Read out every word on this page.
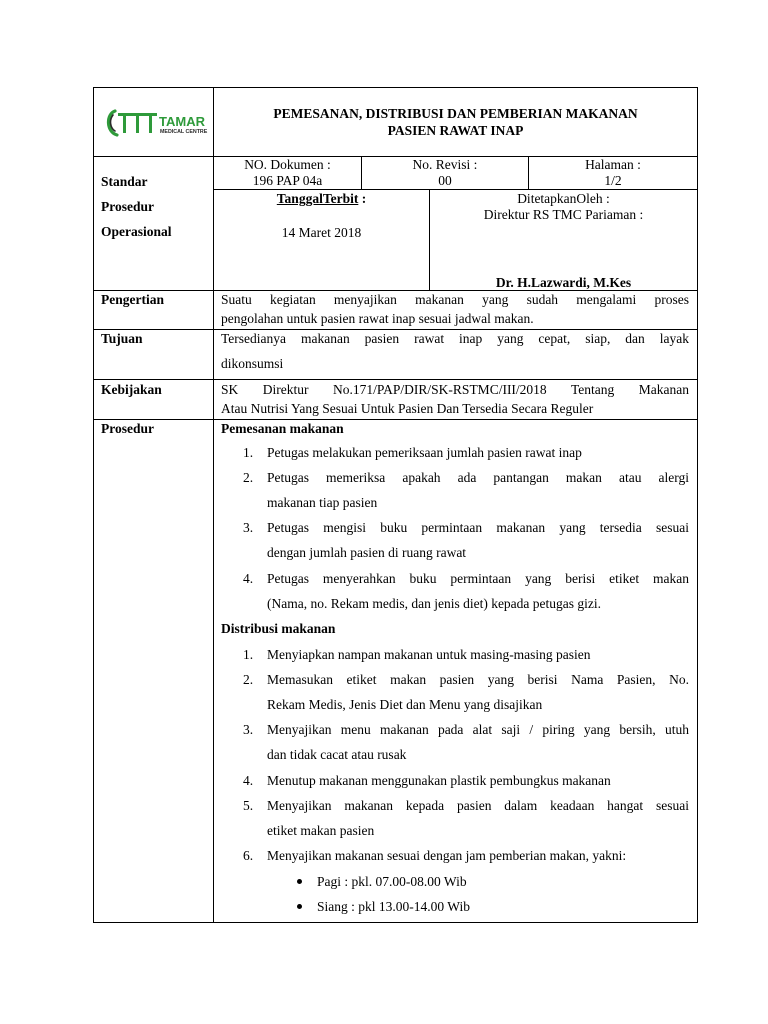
TAMAR
MEDICAL CENTRE
PEMESANAN, DISTRIBUSI DAN PEMBERIAN MAKANAN
PASIEN RAWAT INAP
Standar
Prosedur
Operasional
NO. Dokumen :
196 PAP 04a
No. Revisi :
00
Halaman :
1/2
TanggalTerbit :
14 Maret 2018
DitetapkanOleh :
Direktur RS TMC Pariaman :
Dr. H.Lazwardi, M.Kes
Pengertian	Suatu kegiatan menyajikan makanan yang sudah mengalami proses
pengolahan untuk pasien rawat inap sesuai jadwal makan.
Tujuan	Tersedianya makanan pasien rawat inap yang cepat, siap, dan layak
dikonsumsi
Kebijakan	SK Direktur No.171/PAP/DIR/SK-RSTMC/III/2018 Tentang Makanan
Atau Nutrisi Yang Sesuai Untuk Pasien Dan Tersedia Secara Reguler
Prosedur	Pemesanan makanan
1. Petugas melakukan pemeriksaan jumlah pasien rawat inap
2. Petugas memeriksa apakah ada pantangan makan atau alergi
makanan tiap pasien
3. Petugas mengisi buku permintaan makanan yang tersedia sesuai
dengan jumlah pasien di ruang rawat
4. Petugas menyerahkan buku permintaan yang berisi etiket makan
(Nama, no. Rekam medis, dan jenis diet) kepada petugas gizi.
Distribusi makanan
1. Menyiapkan nampan makanan untuk masing-masing pasien
2. Memasukan etiket makan pasien yang berisi Nama Pasien, No.
Rekam Medis, Jenis Diet dan Menu yang disajikan
3. Menyajikan menu makanan pada alat saji / piring yang bersih, utuh
dan tidak cacat atau rusak
4. Menutup makanan menggunakan plastik pembungkus makanan
5. Menyajikan makanan kepada pasien dalam keadaan hangat sesuai
etiket makan pasien
6. Menyajikan makanan sesuai dengan jam pemberian makan, yakni:
Pagi : pkl. 07.00-08.00 Wib
Siang : pkl 13.00-14.00 Wib
